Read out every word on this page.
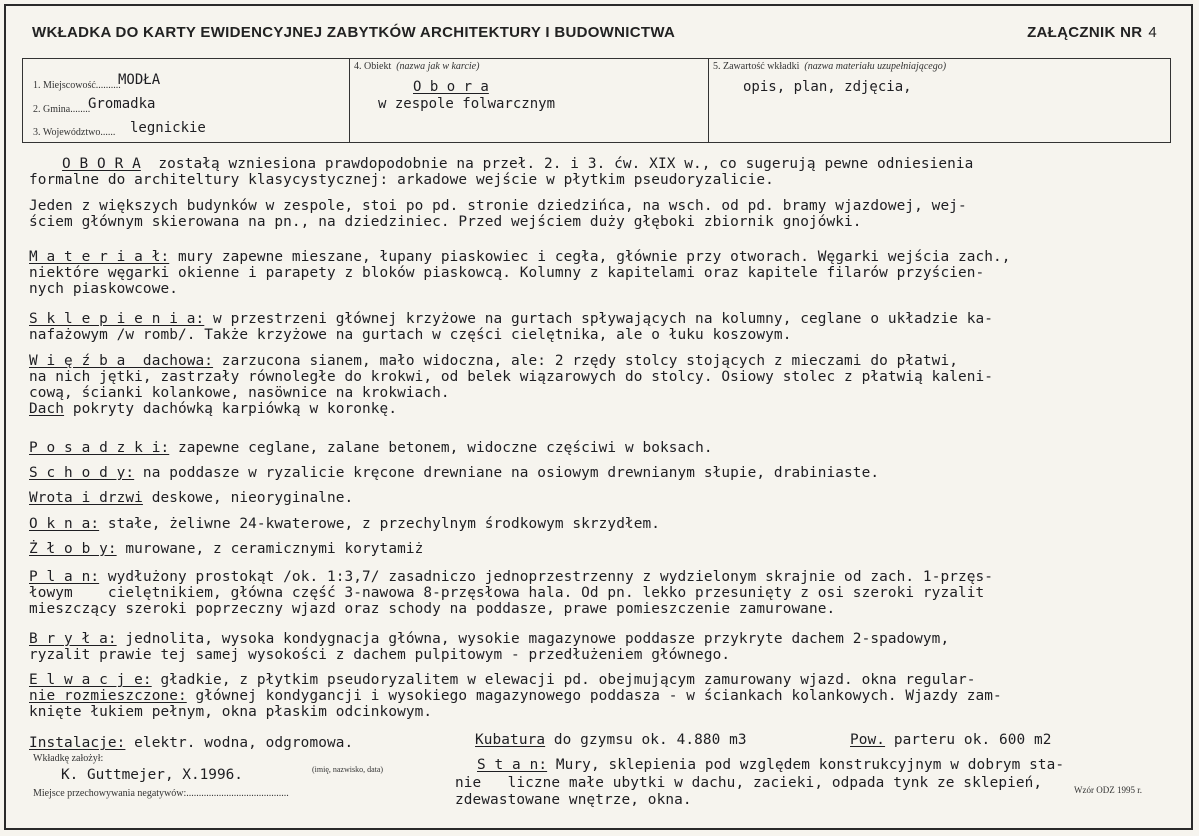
WKŁADKA DO KARTY EWIDENCYJNEJ ZABYTKÓW ARCHITEKTURY I BUDOWNICTWA	ZAŁĄCZNIK NR 4
1. Miejscowość..........
MODŁA
2. Gmina........
Gromadka
3. Województwo...... legnickie
4. Obiekt (nazwa jak w karcie)
O b o r a
w zespole folwarcznym
5. Zawartość wkładki (nazwa materiału uzupełniającego)
opis, plan, zdjęcia,
O B O R A  zostałą wzniesiona prawdopodobnie na przeł. 2. i 3. ćw. XIX w., co sugerują pewne odniesienia
formalne do architeltury klasycystycznej: arkadowe wejście w płytkim pseudoryzalicie.
Jeden z większych budynków w zespole, stoi po pd. stronie dziedzińca, na wsch. od pd. bramy wjazdowej, wej-
ściem głównym skierowana na pn., na dziedziniec. Przed wejściem duży głęboki zbiornik gnojówki.
M a t e r i a ł: mury zapewne mieszane, łupany piaskowiec i cegła, głównie przy otworach. Węgarki wejścia zach.,
niektóre węgarki okienne i parapety z bloków piaskowcą. Kolumny z kapitelami oraz kapitele filarów przyścien-
nych piaskowcowe.
S k l e p i e n i a: w przestrzeni głównej krzyżowe na gurtach spływających na kolumny, ceglane o układzie ka-
nafażowym /w romb/. Także krzyżowe na gurtach w części cielętnika, ale o łuku koszowym.
W i ę ź b a  dachowa: zarzucona sianem, mało widoczna, ale: 2 rzędy stolcy stojących z mieczami do płatwi,
na nich jętki, zastrzały równoległe do krokwi, od belek wiązarowych do stolcy. Osiowy stolec z płatwią kaleni-
cową, ścianki kolankowe, nasöwnice na krokwiach.
Dach pokryty dachówką karpiówką w koronkę.
P o s a d z k i: zapewne ceglane, zalane betonem, widoczne częściwi w boksach.
S c h o d y: na poddasze w ryzalicie kręcone drewniane na osiowym drewnianym słupie, drabiniaste.
Wrota i drzwi deskowe, nieoryginalne.
O k n a: stałe, żeliwne 24-kwaterowe, z przechylnym środkowym skrzydłem.
Ż ł o b y: murowane, z ceramicznymi korytamiż
P l a n: wydłużony prostokąt /ok. 1:3,7/ zasadniczo jednoprzestrzenny z wydzielonym skrajnie od zach. 1-przęs-
łowym    cielętnikiem, główna część 3-nawowa 8-przęsłowa hala. Od pn. lekko przesunięty z osi szeroki ryzalit
mieszczący szeroki poprzeczny wjazd oraz schody na poddasze, prawe pomieszczenie zamurowane.
B r y ł a: jednolita, wysoka kondygnacja główna, wysokie magazynowe poddasze przykryte dachem 2-spadowym,
ryzalit prawie tej samej wysokości z dachem pulpitowym - przedłużeniem głównego.
E l w a c j e: gładkie, z płytkim pseudoryzalitem w elewacji pd. obejmującym zamurowany wjazd. okna regular-
nie rozmieszczone: głównej kondygancji i wysokiego magazynowego poddasza - w ściankach kolankowych. Wjazdy zam-
knięte łukiem pełnym, okna płaskim odcinkowym.
Instalacje: elektr. wodna, odgromowa.	Kubatura do gzymsu ok. 4.880 m3	Pow. parteru ok. 600 m2
S t a n: Mury, sklepienia pod względem konstrukcyjnym w dobrym sta-
nie   liczne małe ubytki w dachu, zacieki, odpada tynk ze sklepień,
zdewastowane wnętrze, okna.
Wkładkę założył:
K. Guttmejer, X.1996.	(imię, nazwisko, data)
Miejsce przechowywania negatywów:.........................................	Wzór ODZ 1995 r.
